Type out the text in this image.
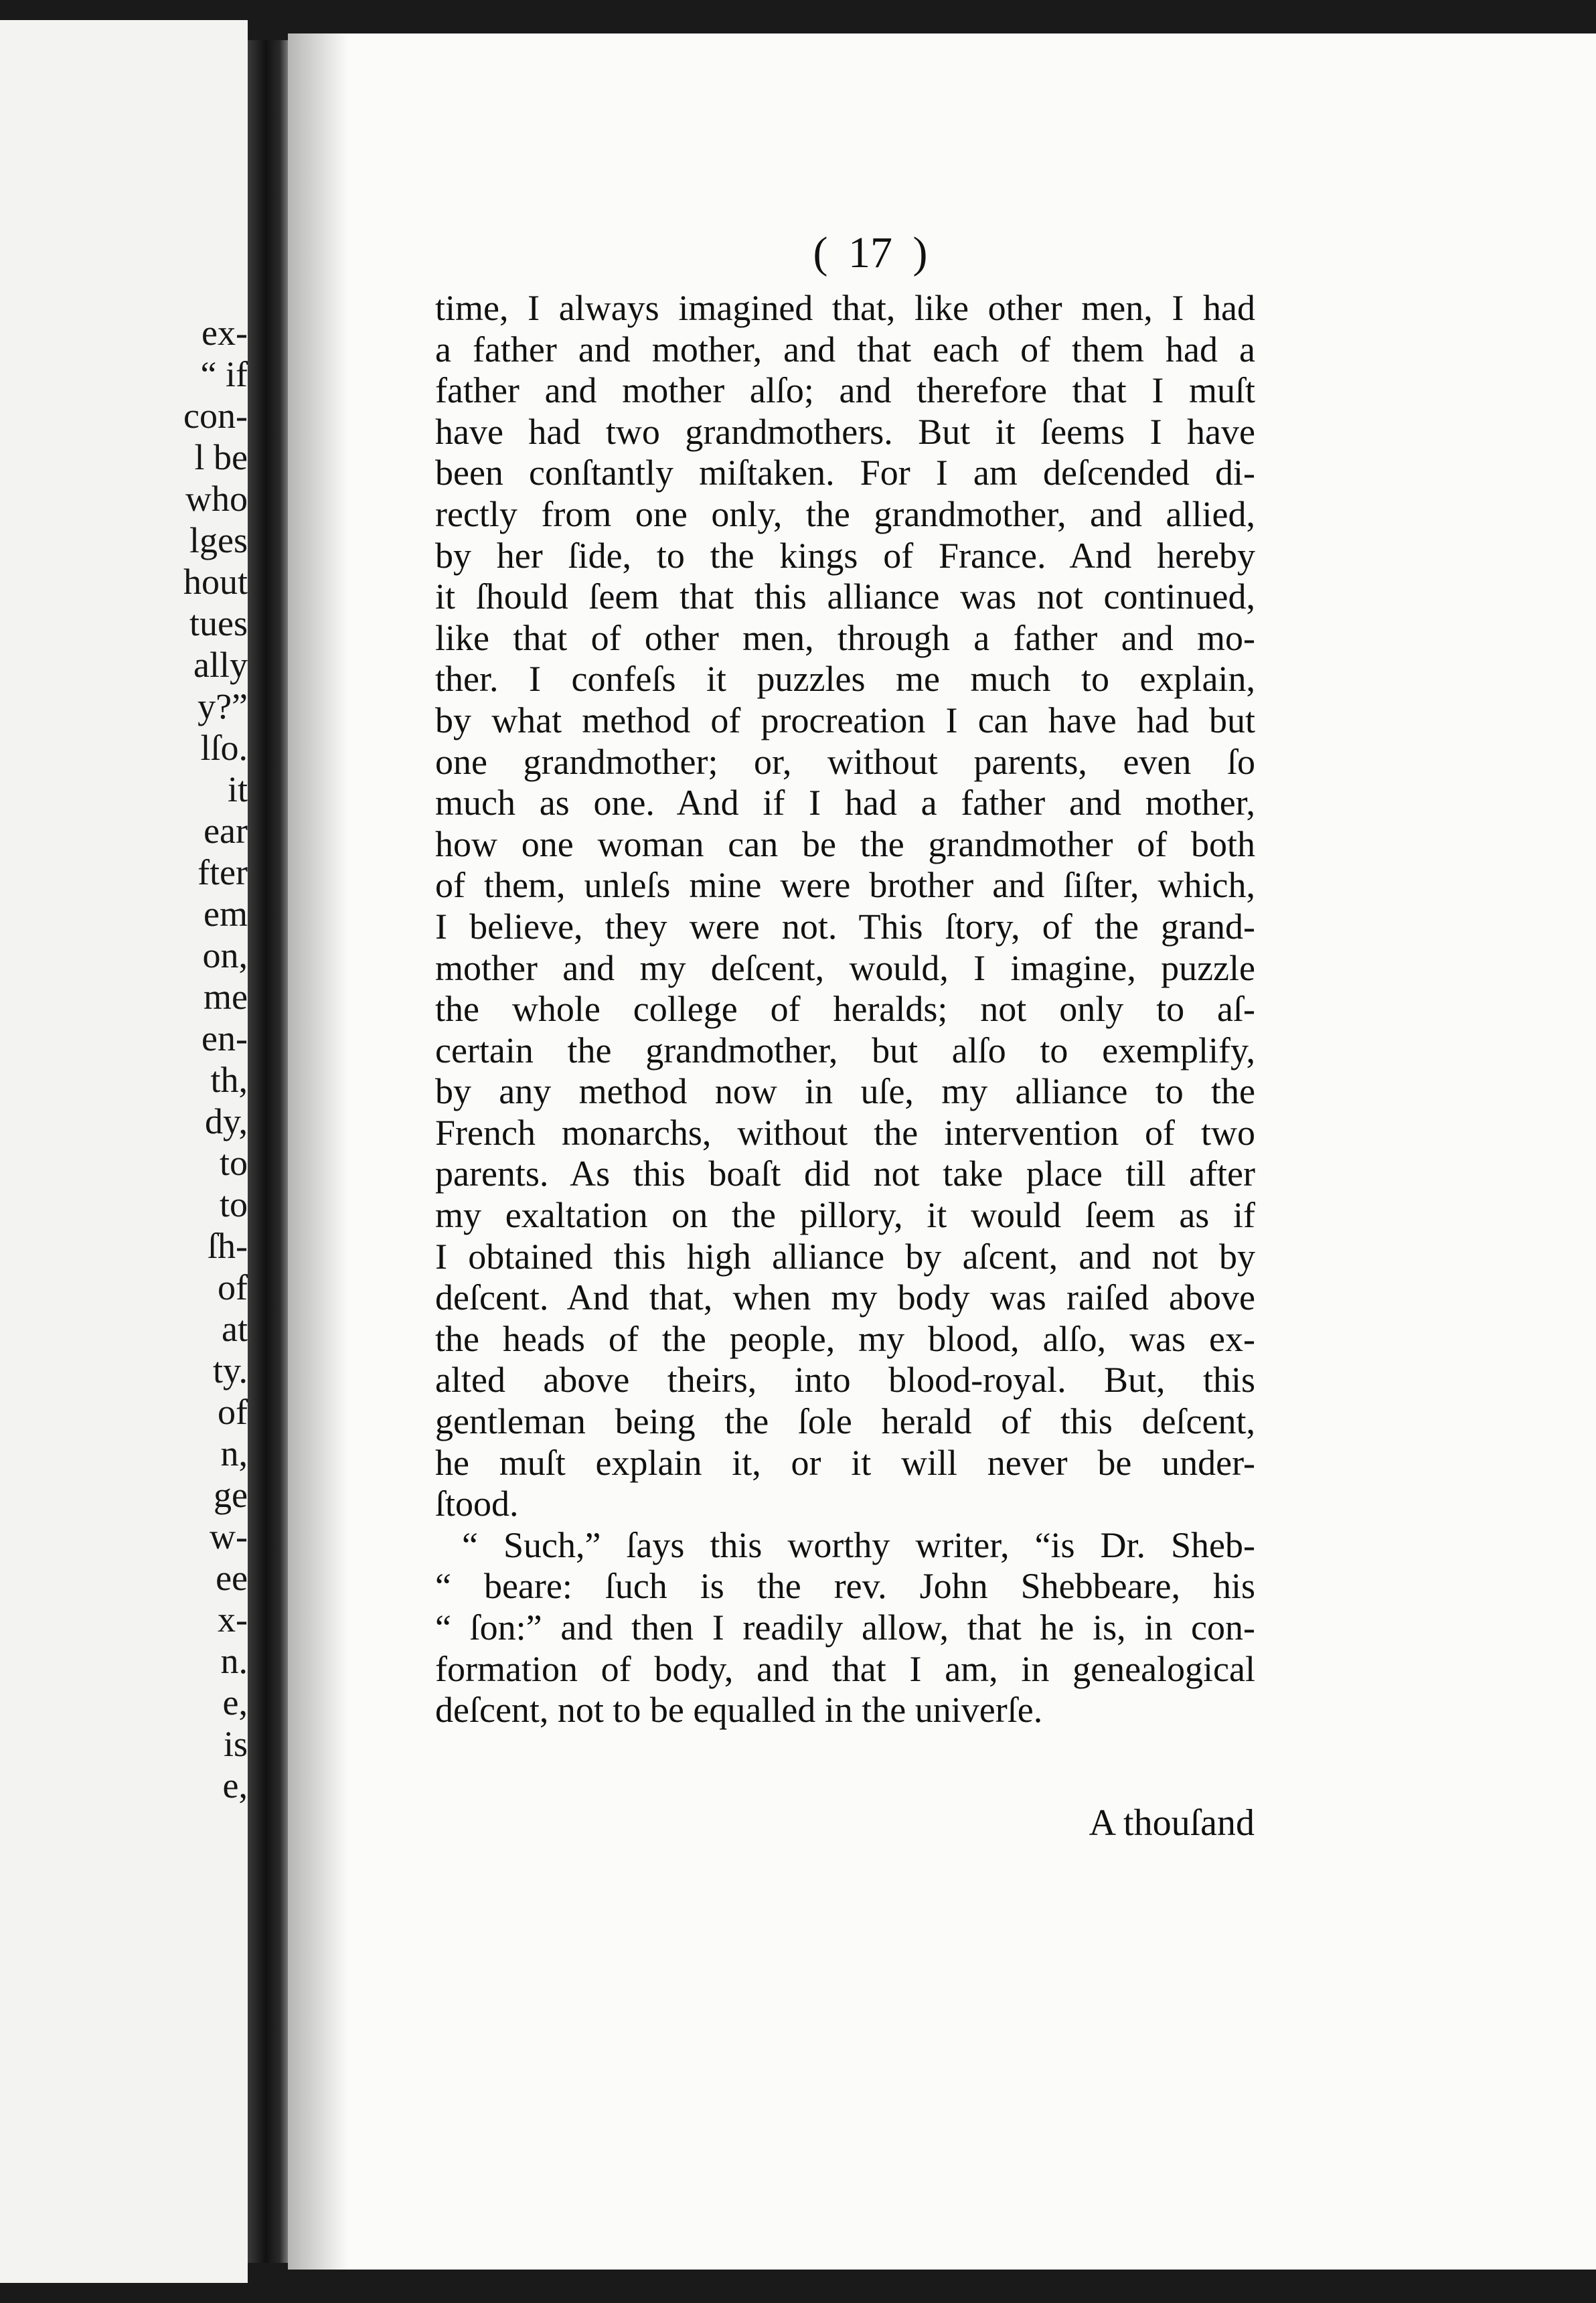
ex-

“ if

con-

l be

who

lges

hout

tues

ally

y?”

lſo.

it

ear

fter

em

on,

me

en-

th,

dy,

to

to

ſh-

of

at

ty.

of

n,

ge

w-

ee

x-

n.

e,

is

e,

( 17 )

time, I always imagined that, like other men, I had

a father and mother, and that each of them had a

father and mother alſo; and therefore that I muſt

have had two grandmothers. But it ſeems I have

been conſtantly miſtaken. For I am deſcended di-

rectly from one only, the grandmother, and allied,

by her ſide, to the kings of France. And hereby

it ſhould ſeem that this alliance was not continued,

like that of other men, through a father and mo-

ther. I confeſs it puzzles me much to explain,

by what method of procreation I can have had but

one grandmother; or, without parents, even ſo

much as one. And if I had a father and mother,

how one woman can be the grandmother of both

of them, unleſs mine were brother and ſiſter, which,

I believe, they were not. This ſtory, of the grand-

mother and my deſcent, would, I imagine, puzzle

the whole college of heralds; not only to aſ-

certain the grandmother, but alſo to exemplify,

by any method now in uſe, my alliance to the

French monarchs, without the intervention of two

parents. As this boaſt did not take place till after

my exaltation on the pillory, it would ſeem as if

I obtained this high alliance by aſcent, and not by

deſcent. And that, when my body was raiſed above

the heads of the people, my blood, alſo, was ex-

alted above theirs, into blood-royal. But, this

gentleman being the ſole herald of this deſcent,

he muſt explain it, or it will never be under-

ſtood.

“ Such,” ſays this worthy writer, “is Dr. Sheb-

“ beare: ſuch is the rev. John Shebbeare, his

“ ſon:” and then I readily allow, that he is, in con-

formation of body, and that I am, in genealogical

deſcent, not to be equalled in the univerſe.

A thouſand
